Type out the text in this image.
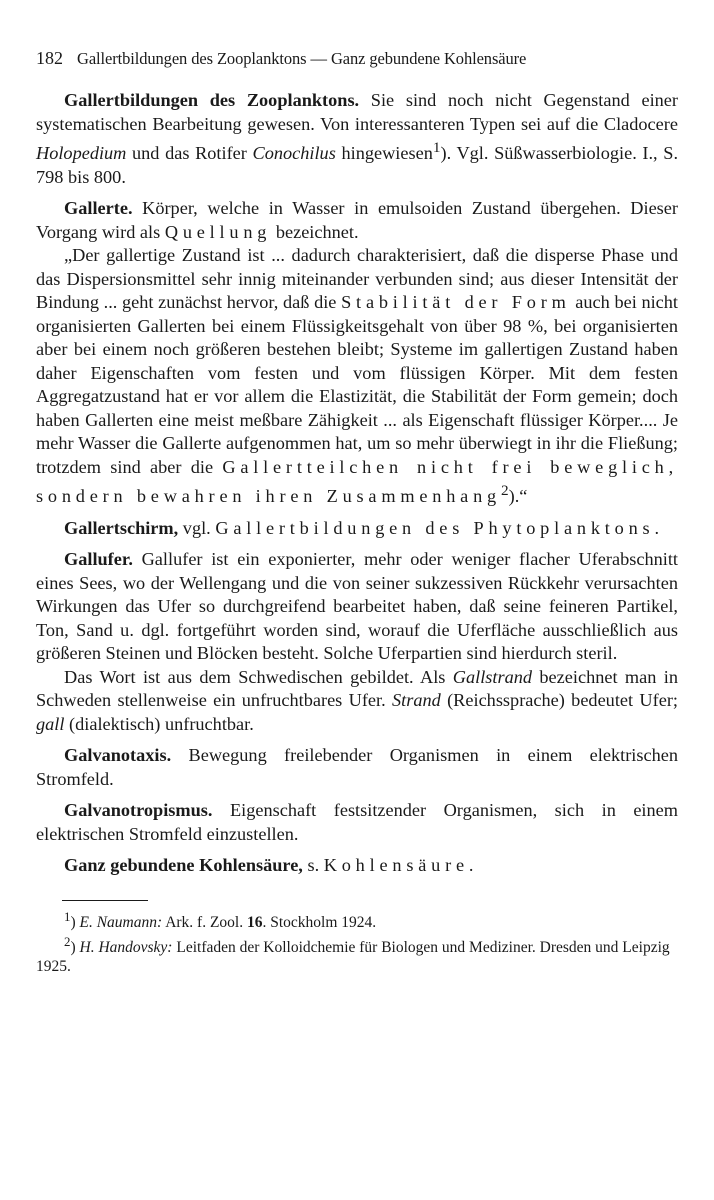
182 Gallertbildungen des Zooplanktons — Ganz gebundene Kohlensäure

Gallertbildungen des Zooplanktons. Sie sind noch nicht Gegenstand einer systematischen Bearbeitung gewesen. Von interessanteren Typen sei auf die Cladocere Holopedium und das Rotifer Conochilus hingewiesen$^1$). Vgl. Süßwasserbiologie. I., S. 798 bis 800.

Gallerte. Körper, welche in Wasser in emulsoiden Zustand übergehen. Dieser Vorgang wird als Quellung bezeichnet.

„Der gallertige Zustand ist ... dadurch charakterisiert, daß die disperse Phase und das Dispersionsmittel sehr innig miteinander verbunden sind; aus dieser Intensität der Bindung ... geht zunächst hervor, daß die Stabilität der Form auch bei nicht organisierten Gallerten bei einem Flüssigkeitsgehalt von über 98 %, bei organisierten aber bei einem noch größeren bestehen bleibt; Systeme im gallertigen Zustand haben daher Eigenschaften vom festen und vom flüssigen Körper. Mit dem festen Aggregatzustand hat er vor allem die Elastizität, die Stabilität der Form gemein; doch haben Gallerten eine meist meßbare Zähigkeit ... als Eigenschaft flüssiger Körper.... Je mehr Wasser die Gallerte aufgenommen hat, um so mehr überwiegt in ihr die Fließung; trotzdem sind aber die Gallertteilchen nicht frei beweglich, sondern bewahren ihren Zusammenhang$^2$).“

Gallertschirm, vgl. Gallertbildungen des Phytoplanktons.

Gallufer. Gallufer ist ein exponierter, mehr oder weniger flacher Uferabschnitt eines Sees, wo der Wellengang und die von seiner sukzessiven Rückkehr verursachten Wirkungen das Ufer so durchgreifend bearbeitet haben, daß seine feineren Partikel, Ton, Sand u. dgl. fortgeführt worden sind, worauf die Uferfläche ausschließlich aus größeren Steinen und Blöcken besteht. Solche Uferpartien sind hierdurch steril.

Das Wort ist aus dem Schwedischen gebildet. Als Gallstrand bezeichnet man in Schweden stellenweise ein unfruchtbares Ufer. Strand (Reichssprache) bedeutet Ufer; gall (dialektisch) unfruchtbar.

Galvanotaxis. Bewegung freilebender Organismen in einem elektrischen Stromfeld.

Galvanotropismus. Eigenschaft festsitzender Organismen, sich in einem elektrischen Stromfeld einzustellen.

Ganz gebundene Kohlensäure, s. Kohlensäure.

$^1$) E. Naumann: Ark. f. Zool. 16. Stockholm 1924.

$^2$) H. Handovsky: Leitfaden der Kolloidchemie für Biologen und Mediziner. Dresden und Leipzig 1925.
